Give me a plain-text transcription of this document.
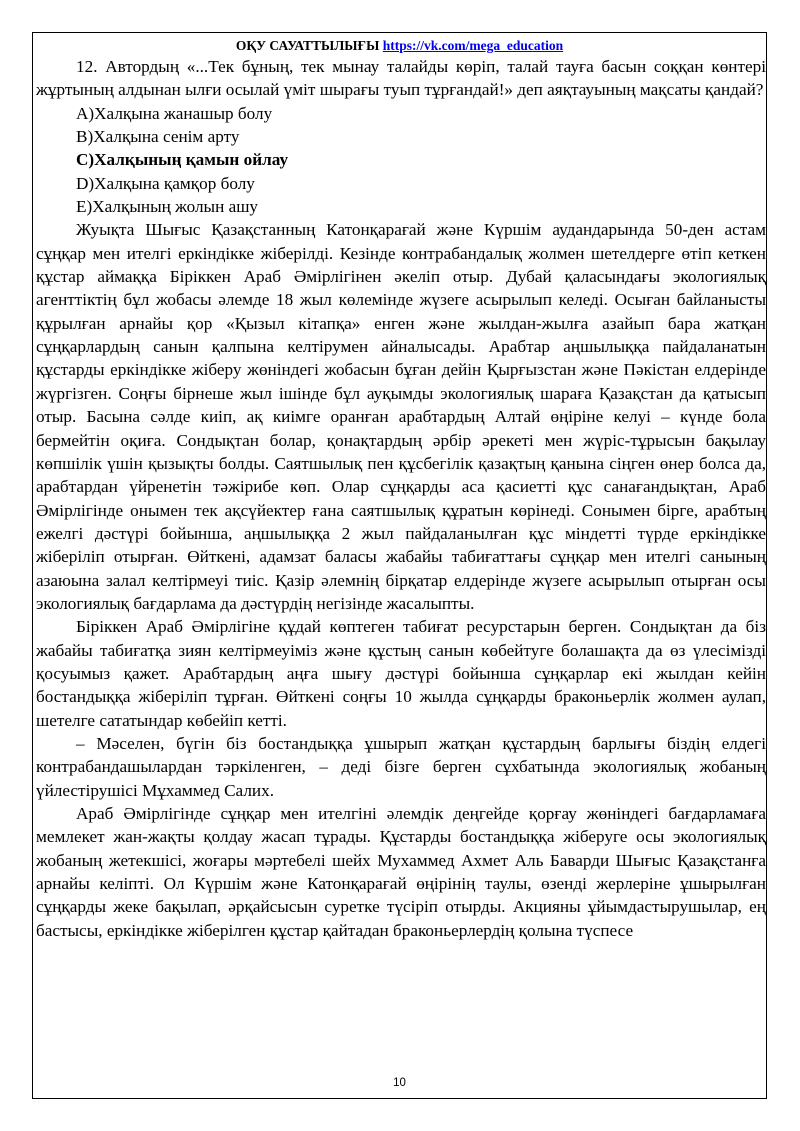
ОҚУ САУАТТЫЛЫҒЫ https://vk.com/mega_education

12. Автордың «...Тек бұның, тек мынау талайды көріп, талай тауға басын соққан көнтері жұртының алдынан ылғи осылай үміт шырағы туып тұрғандай!» деп аяқтауының мақсаты қандай?

А)Халқына жанашыр болу

В)Халқына сенім арту

С)Халқының қамын ойлау

D)Халқына қамқор болу

Е)Халқының жолын ашу

Жуықта Шығыс Қазақстанның Катонқарағай және Күршім аудандарында 50-ден астам сұңқар мен ителгі еркіндікке жіберілді. Кезінде контрабандалық жолмен шетелдерге өтіп кеткен құстар аймаққа Біріккен Араб Әмірлігінен әкеліп отыр. Дубай қаласындағы экологиялық агенттіктің бұл жобасы әлемде 18 жыл көлемінде жүзеге асырылып келеді. Осыған байланысты құрылған арнайы қор «Қызыл кітапқа» енген және жылдан-жылға азайып бара жатқан сұңқарлардың санын қалпына келтірумен айналысады. Арабтар аңшылыққа пайдаланатын құстарды еркіндікке жіберу жөніндегі жобасын бұған дейін Қырғызстан және Пәкістан елдерінде жүргізген. Соңғы бірнеше жыл ішінде бұл ауқымды экологиялық шараға Қазақстан да қатысып отыр. Басына сәлде киіп, ақ киімге оранған арабтардың Алтай өңіріне келуі – күнде бола бермейтін оқиға. Сондықтан болар, қонақтардың әрбір әрекеті мен жүріс-тұрысын бақылау көпшілік үшін қызықты болды. Саятшылық пен құсбегілік қазақтың қанына сіңген өнер болса да, арабтардан үйренетін тәжірибе көп. Олар сұңқарды аса қасиетті құс санағандықтан, Араб Әмірлігінде онымен тек ақсүйектер ғана саятшылық құратын көрінеді. Сонымен бірге, арабтың ежелгі дәстүрі бойынша, аңшылыққа 2 жыл пайдаланылған құс міндетті түрде еркіндікке жіберіліп отырған. Өйткені, адамзат баласы жабайы табиғаттағы сұңқар мен ителгі санының азаюына залал келтірмеуі тиіс. Қазір әлемнің бірқатар елдерінде жүзеге асырылып отырған осы экологиялық бағдарлама да дәстүрдің негізінде жасалыпты.

Біріккен Араб Әмірлігіне құдай көптеген табиғат ресурстарын берген. Сондықтан да біз жабайы табиғатқа зиян келтірмеуіміз және құстың санын көбейтуге болашақта да өз үлесімізді қосуымыз қажет. Арабтардың аңға шығу дәстүрі бойынша сұңқарлар екі жылдан кейін бостандыққа жіберіліп тұрған. Өйткені соңғы 10 жылда сұңқарды браконьерлік жолмен аулап, шетелге сататындар көбейіп кетті.

– Мәселен, бүгін біз бостандыққа ұшырып жатқан құстардың барлығы біздің елдегі контрабандашылардан тәркіленген, – деді бізге берген сұхбатында экологиялық жобаның үйлестірушісі Мұхаммед Салих.

Араб Әмірлігінде сұңқар мен ителгіні әлемдік деңгейде қорғау жөніндегі бағдарламаға мемлекет жан-жақты қолдау жасап тұрады. Құстарды бостандыққа жіберуге осы экологиялық жобаның жетекшісі, жоғары мәртебелі шейх Мухаммед Ахмет Аль Баварди Шығыс Қазақстанға арнайы келіпті. Ол Күршім және Катонқарағай өңірінің таулы, өзенді жерлеріне ұшырылған сұңқарды жеке бақылап, әрқайсысын суретке түсіріп отырды. Акцияны ұйымдастырушылар, ең бастысы, еркіндікке жіберілген құстар қайтадан браконьерлердің қолына түспесе

10
